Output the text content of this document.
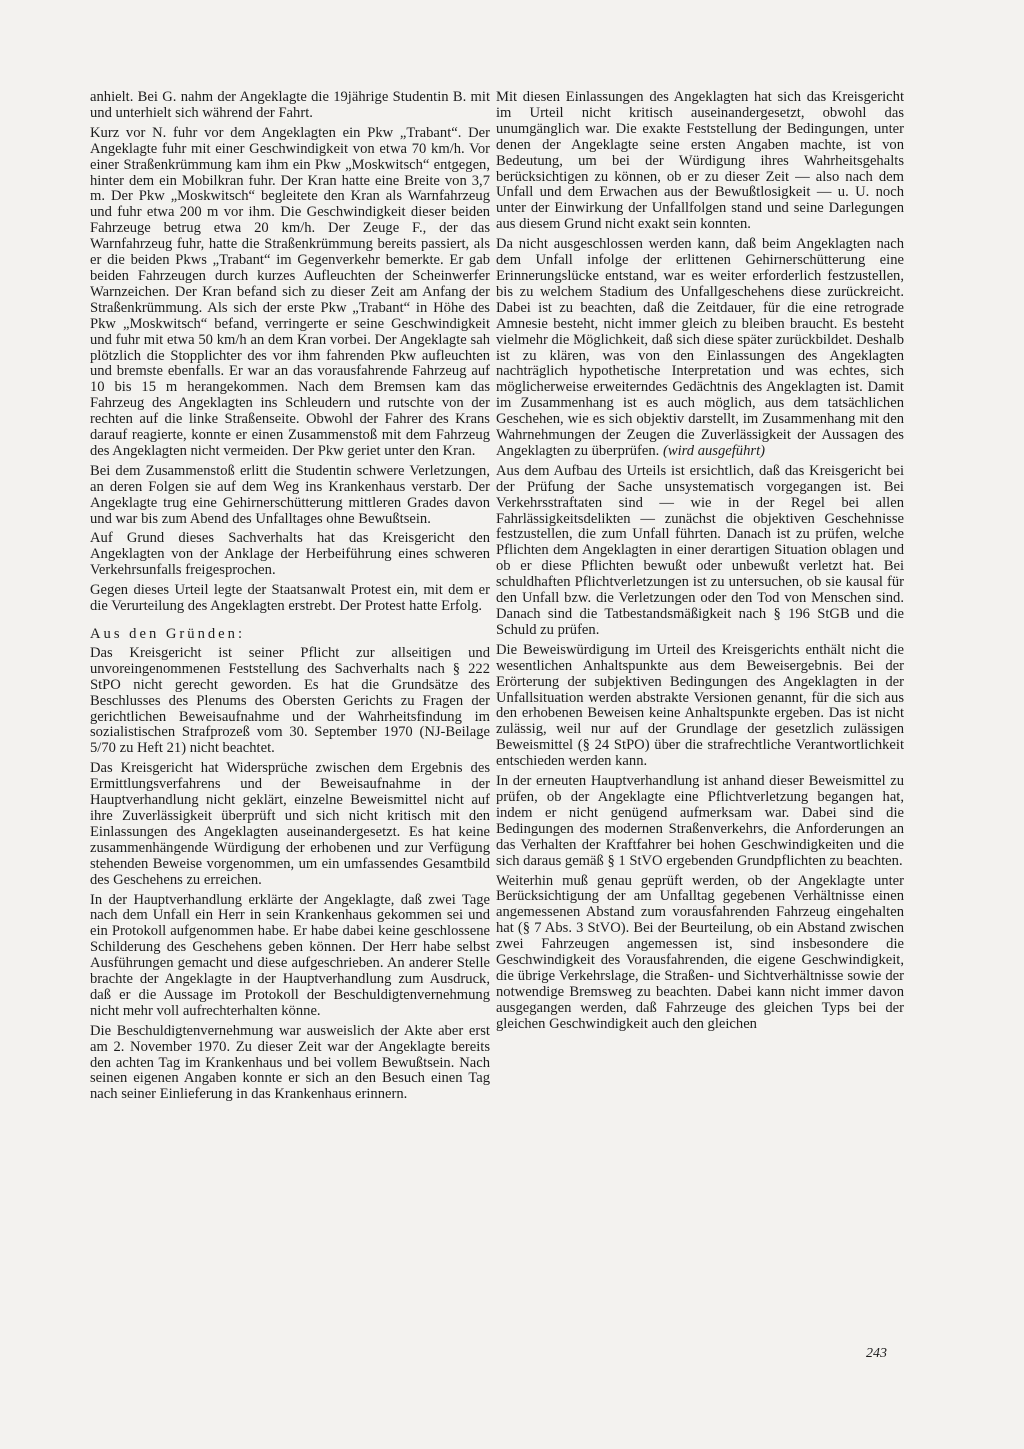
anhielt. Bei G. nahm der Angeklagte die 19jährige Studentin B. mit und unterhielt sich während der Fahrt.

Kurz vor N. fuhr vor dem Angeklagten ein Pkw „Trabant“. Der Angeklagte fuhr mit einer Geschwindigkeit von etwa 70 km/h. Vor einer Straßenkrümmung kam ihm ein Pkw „Moskwitsch“ entgegen, hinter dem ein Mobilkran fuhr. Der Kran hatte eine Breite von 3,7 m. Der Pkw „Moskwitsch“ begleitete den Kran als Warnfahrzeug und fuhr etwa 200 m vor ihm. Die Geschwindigkeit dieser beiden Fahrzeuge betrug etwa 20 km/h. Der Zeuge F., der das Warnfahrzeug fuhr, hatte die Straßenkrümmung bereits passiert, als er die beiden Pkws „Trabant“ im Gegenverkehr bemerkte. Er gab beiden Fahrzeugen durch kurzes Aufleuchten der Scheinwerfer Warnzeichen. Der Kran befand sich zu dieser Zeit am Anfang der Straßenkrümmung. Als sich der erste Pkw „Trabant“ in Höhe des Pkw „Moskwitsch“ befand, verringerte er seine Geschwindigkeit und fuhr mit etwa 50 km/h an dem Kran vorbei. Der Angeklagte sah plötzlich die Stopplichter des vor ihm fahrenden Pkw aufleuchten und bremste ebenfalls. Er war an das vorausfahrende Fahrzeug auf 10 bis 15 m herangekommen. Nach dem Bremsen kam das Fahrzeug des Angeklagten ins Schleudern und rutschte von der rechten auf die linke Straßenseite. Obwohl der Fahrer des Krans darauf reagierte, konnte er einen Zusammenstoß mit dem Fahrzeug des Angeklagten nicht vermeiden. Der Pkw geriet unter den Kran.

Bei dem Zusammenstoß erlitt die Studentin schwere Verletzungen, an deren Folgen sie auf dem Weg ins Krankenhaus verstarb. Der Angeklagte trug eine Gehirnerschütterung mittleren Grades davon und war bis zum Abend des Unfalltages ohne Bewußtsein.

Auf Grund dieses Sachverhalts hat das Kreisgericht den Angeklagten von der Anklage der Herbeiführung eines schweren Verkehrsunfalls freigesprochen.

Gegen dieses Urteil legte der Staatsanwalt Protest ein, mit dem er die Verurteilung des Angeklagten erstrebt. Der Protest hatte Erfolg.

Aus den Gründen:

Das Kreisgericht ist seiner Pflicht zur allseitigen und unvoreingenommenen Feststellung des Sachverhalts nach § 222 StPO nicht gerecht geworden. Es hat die Grundsätze des Beschlusses des Plenums des Obersten Gerichts zu Fragen der gerichtlichen Beweisaufnahme und der Wahrheitsfindung im sozialistischen Strafprozeß vom 30. September 1970 (NJ-Beilage 5/70 zu Heft 21) nicht beachtet.

Das Kreisgericht hat Widersprüche zwischen dem Ergebnis des Ermittlungsverfahrens und der Beweisaufnahme in der Hauptverhandlung nicht geklärt, einzelne Beweismittel nicht auf ihre Zuverlässigkeit überprüft und sich nicht kritisch mit den Einlassungen des Angeklagten auseinandergesetzt. Es hat keine zusammenhängende Würdigung der erhobenen und zur Verfügung stehenden Beweise vorgenommen, um ein umfassendes Gesamtbild des Geschehens zu erreichen.

In der Hauptverhandlung erklärte der Angeklagte, daß zwei Tage nach dem Unfall ein Herr in sein Krankenhaus gekommen sei und ein Protokoll aufgenommen habe. Er habe dabei keine geschlossene Schilderung des Geschehens geben können. Der Herr habe selbst Ausführungen gemacht und diese aufgeschrieben. An anderer Stelle brachte der Angeklagte in der Hauptverhandlung zum Ausdruck, daß er die Aussage im Protokoll der Beschuldigtenvernehmung nicht mehr voll aufrechterhalten könne.

Die Beschuldigtenvernehmung war ausweislich der Akte aber erst am 2. November 1970. Zu dieser Zeit war der Angeklagte bereits den achten Tag im Krankenhaus und bei vollem Bewußtsein. Nach seinen eigenen Angaben konnte er sich an den Besuch einen Tag nach seiner Einlieferung in das Krankenhaus erinnern.

Mit diesen Einlassungen des Angeklagten hat sich das Kreisgericht im Urteil nicht kritisch auseinandergesetzt, obwohl das unumgänglich war. Die exakte Feststellung der Bedingungen, unter denen der Angeklagte seine ersten Angaben machte, ist von Bedeutung, um bei der Würdigung ihres Wahrheitsgehalts berücksichtigen zu können, ob er zu dieser Zeit — also nach dem Unfall und dem Erwachen aus der Bewußtlosigkeit — u. U. noch unter der Einwirkung der Unfallfolgen stand und seine Darlegungen aus diesem Grund nicht exakt sein konnten.

Da nicht ausgeschlossen werden kann, daß beim Angeklagten nach dem Unfall infolge der erlittenen Gehirnerschütterung eine Erinnerungslücke entstand, war es weiter erforderlich festzustellen, bis zu welchem Stadium des Unfallgeschehens diese zurückreicht. Dabei ist zu beachten, daß die Zeitdauer, für die eine retrograde Amnesie besteht, nicht immer gleich zu bleiben braucht. Es besteht vielmehr die Möglichkeit, daß sich diese später zurückbildet. Deshalb ist zu klären, was von den Einlassungen des Angeklagten nachträglich hypothetische Interpretation und was echtes, sich möglicherweise erweiterndes Gedächtnis des Angeklagten ist. Damit im Zusammenhang ist es auch möglich, aus dem tatsächlichen Geschehen, wie es sich objektiv darstellt, im Zusammenhang mit den Wahrnehmungen der Zeugen die Zuverlässigkeit der Aussagen des Angeklagten zu überprüfen. (wird ausgeführt)

Aus dem Aufbau des Urteils ist ersichtlich, daß das Kreisgericht bei der Prüfung der Sache unsystematisch vorgegangen ist. Bei Verkehrsstraftaten sind — wie in der Regel bei allen Fahrlässigkeitsdelikten — zunächst die objektiven Geschehnisse festzustellen, die zum Unfall führten. Danach ist zu prüfen, welche Pflichten dem Angeklagten in einer derartigen Situation oblagen und ob er diese Pflichten bewußt oder unbewußt verletzt hat. Bei schuldhaften Pflichtverletzungen ist zu untersuchen, ob sie kausal für den Unfall bzw. die Verletzungen oder den Tod von Menschen sind. Danach sind die Tatbestandsmäßigkeit nach § 196 StGB und die Schuld zu prüfen.

Die Beweiswürdigung im Urteil des Kreisgerichts enthält nicht die wesentlichen Anhaltspunkte aus dem Beweisergebnis. Bei der Erörterung der subjektiven Bedingungen des Angeklagten in der Unfallsituation werden abstrakte Versionen genannt, für die sich aus den erhobenen Beweisen keine Anhaltspunkte ergeben. Das ist nicht zulässig, weil nur auf der Grundlage der gesetzlich zulässigen Beweismittel (§ 24 StPO) über die strafrechtliche Verantwortlichkeit entschieden werden kann.

In der erneuten Hauptverhandlung ist anhand dieser Beweismittel zu prüfen, ob der Angeklagte eine Pflichtverletzung begangen hat, indem er nicht genügend aufmerksam war. Dabei sind die Bedingungen des modernen Straßenverkehrs, die Anforderungen an das Verhalten der Kraftfahrer bei hohen Geschwindigkeiten und die sich daraus gemäß § 1 StVO ergebenden Grundpflichten zu beachten.

Weiterhin muß genau geprüft werden, ob der Angeklagte unter Berücksichtigung der am Unfalltag gegebenen Verhältnisse einen angemessenen Abstand zum vorausfahrenden Fahrzeug eingehalten hat (§ 7 Abs. 3 StVO). Bei der Beurteilung, ob ein Abstand zwischen zwei Fahrzeugen angemessen ist, sind insbesondere die Geschwindigkeit des Vorausfahrenden, die eigene Geschwindigkeit, die übrige Verkehrslage, die Straßen- und Sichtverhältnisse sowie der notwendige Bremsweg zu beachten. Dabei kann nicht immer davon ausgegangen werden, daß Fahrzeuge des gleichen Typs bei der gleichen Geschwindigkeit auch den gleichen

243
